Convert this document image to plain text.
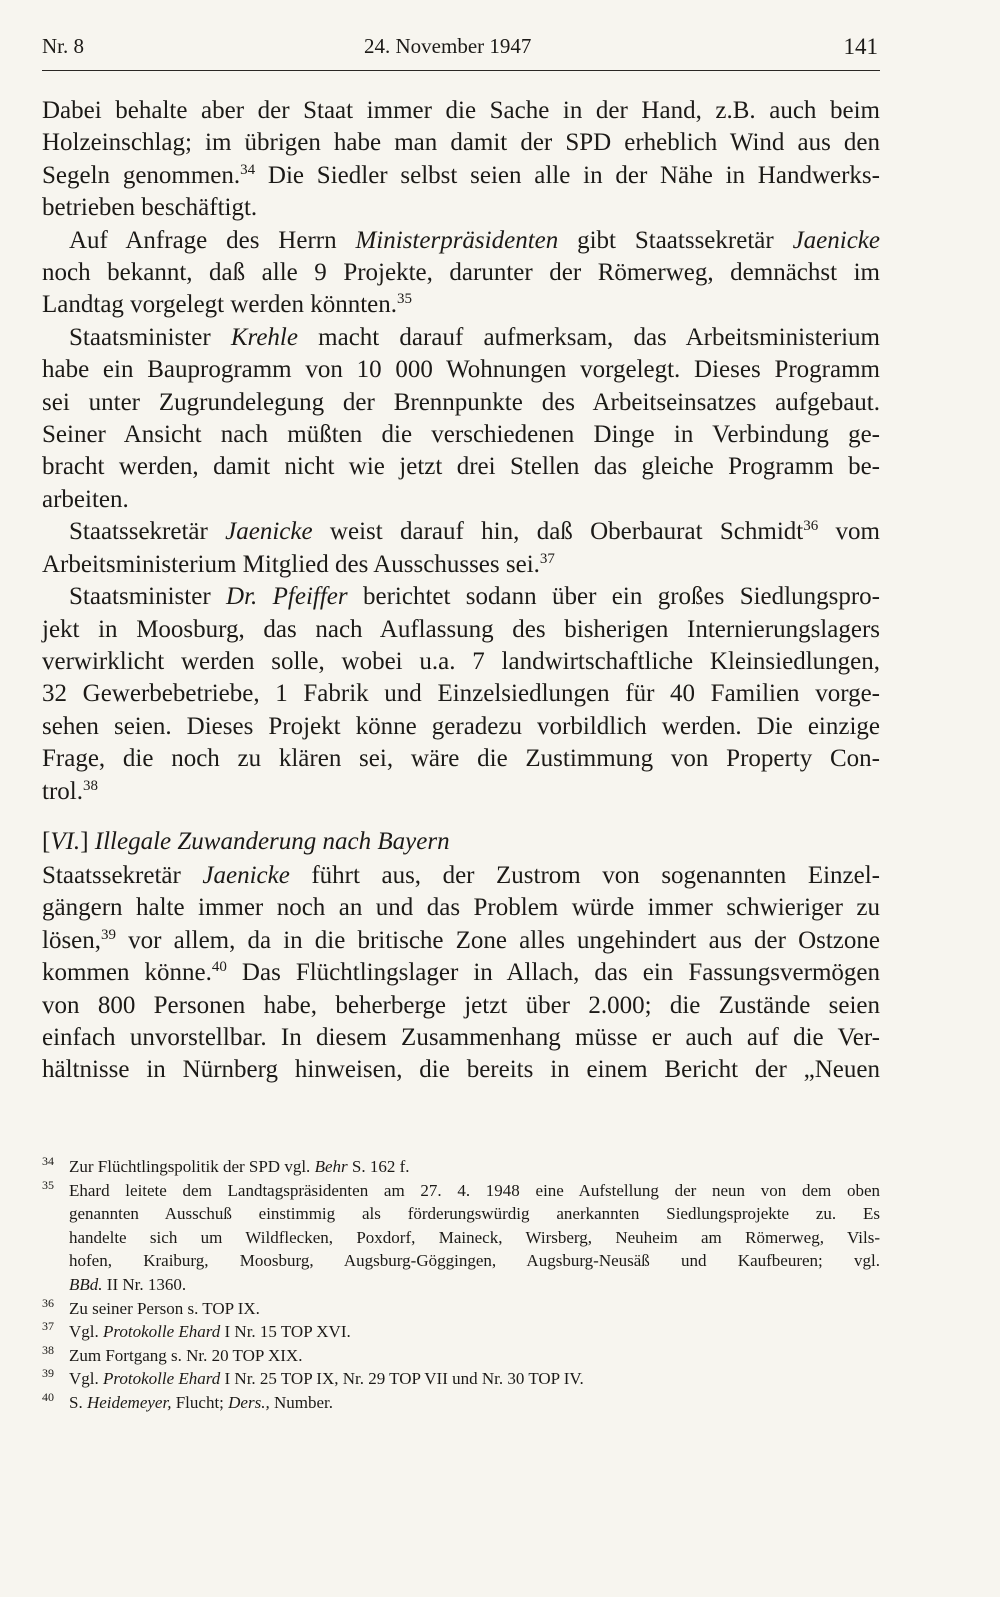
Nr. 8	24. November 1947	141

Dabei behalte aber der Staat immer die Sache in der Hand, z.B. auch beim
Holzeinschlag; im übrigen habe man damit der SPD erheblich Wind aus den
Segeln genommen.$^{34}$ Die Siedler selbst seien alle in der Nähe in Handwerks-
betrieben beschäftigt.

Auf Anfrage des Herrn Ministerpräsidenten gibt Staatssekretär Jaenicke
noch bekannt, daß alle 9 Projekte, darunter der Römerweg, demnächst im
Landtag vorgelegt werden könnten.$^{35}$

Staatsminister Krehle macht darauf aufmerksam, das Arbeitsministerium
habe ein Bauprogramm von 10 000 Wohnungen vorgelegt. Dieses Programm
sei unter Zugrundelegung der Brennpunkte des Arbeitseinsatzes aufgebaut.
Seiner Ansicht nach müßten die verschiedenen Dinge in Verbindung ge-
bracht werden, damit nicht wie jetzt drei Stellen das gleiche Programm be-
arbeiten.

Staatssekretär Jaenicke weist darauf hin, daß Oberbaurat Schmidt$^{36}$ vom
Arbeitsministerium Mitglied des Ausschusses sei.$^{37}$

Staatsminister Dr. Pfeiffer berichtet sodann über ein großes Siedlungspro-
jekt in Moosburg, das nach Auflassung des bisherigen Internierungslagers
verwirklicht werden solle, wobei u.a. 7 landwirtschaftliche Kleinsiedlungen,
32 Gewerbebetriebe, 1 Fabrik und Einzelsiedlungen für 40 Familien vorge-
sehen seien. Dieses Projekt könne geradezu vorbildlich werden. Die einzige
Frage, die noch zu klären sei, wäre die Zustimmung von Property Con-
trol.$^{38}$

[VI.] Illegale Zuwanderung nach Bayern
Staatssekretär Jaenicke führt aus, der Zustrom von sogenannten Einzel-
gängern halte immer noch an und das Problem würde immer schwieriger zu
lösen,$^{39}$ vor allem, da in die britische Zone alles ungehindert aus der Ostzone
kommen könne.$^{40}$ Das Flüchtlingslager in Allach, das ein Fassungsvermögen
von 800 Personen habe, beherberge jetzt über 2.000; die Zustände seien
einfach unvorstellbar. In diesem Zusammenhang müsse er auch auf die Ver-
hältnisse in Nürnberg hinweisen, die bereits in einem Bericht der „Neuen
34 Zur Flüchtlingspolitik der SPD vgl. Behr S. 162 f.
35 Ehard leitete dem Landtagspräsidenten am 27. 4. 1948 eine Aufstellung der neun von dem oben
genannten Ausschuß einstimmig als förderungswürdig anerkannten Siedlungsprojekte zu. Es
handelte sich um Wildflecken, Poxdorf, Maineck, Wirsberg, Neuheim am Römerweg, Vils-
hofen, Kraiburg, Moosburg, Augsburg-Göggingen, Augsburg-Neusäß und Kaufbeuren; vgl.
BBd. II Nr. 1360.
36 Zu seiner Person s. TOP IX.
37 Vgl. Protokolle Ehard I Nr. 15 TOP XVI.
38 Zum Fortgang s. Nr. 20 TOP XIX.
39 Vgl. Protokolle Ehard I Nr. 25 TOP IX, Nr. 29 TOP VII und Nr. 30 TOP IV.
40 S. Heidemeyer, Flucht; Ders., Number.
